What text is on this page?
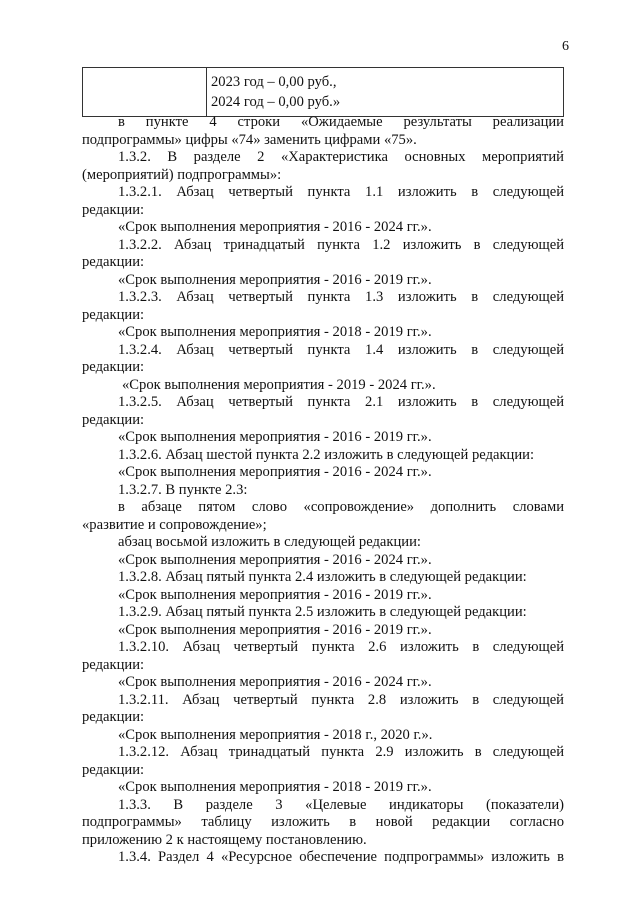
6
2023 год – 0,00 руб.,
2024 год – 0,00 руб.»
в пункте 4 строки «Ожидаемые результаты реализации
подпрограммы» цифры «74» заменить цифрами «75».
1.3.2. В разделе 2 «Характеристика основных мероприятий
(мероприятий) подпрограммы»:
1.3.2.1. Абзац четвертый пункта 1.1 изложить в следующей
редакции:
«Срок выполнения мероприятия - 2016 - 2024 гг.».
1.3.2.2. Абзац тринадцатый пункта 1.2 изложить в следующей
редакции:
«Срок выполнения мероприятия - 2016 - 2019 гг.».
1.3.2.3. Абзац четвертый пункта 1.3 изложить в следующей
редакции:
«Срок выполнения мероприятия - 2018 - 2019 гг.».
1.3.2.4. Абзац четвертый пункта 1.4 изложить в следующей
редакции:
«Срок выполнения мероприятия - 2019 - 2024 гг.».
1.3.2.5. Абзац четвертый пункта 2.1 изложить в следующей
редакции:
«Срок выполнения мероприятия - 2016 - 2019 гг.».
1.3.2.6. Абзац шестой пункта 2.2 изложить в следующей редакции:
«Срок выполнения мероприятия - 2016 - 2024 гг.».
1.3.2.7. В пункте 2.3:
в абзаце пятом слово «сопровождение» дополнить словами
«развитие и сопровождение»;
абзац восьмой изложить в следующей редакции:
«Срок выполнения мероприятия - 2016 - 2024 гг.».
1.3.2.8. Абзац пятый пункта 2.4 изложить в следующей редакции:
«Срок выполнения мероприятия - 2016 - 2019 гг.».
1.3.2.9. Абзац пятый пункта 2.5 изложить в следующей редакции:
«Срок выполнения мероприятия - 2016 - 2019 гг.».
1.3.2.10. Абзац четвертый пункта 2.6 изложить в следующей
редакции:
«Срок выполнения мероприятия - 2016 - 2024 гг.».
1.3.2.11. Абзац четвертый пункта 2.8 изложить в следующей
редакции:
«Срок выполнения мероприятия - 2018 г., 2020 г.».
1.3.2.12. Абзац тринадцатый пункта 2.9 изложить в следующей
редакции:
«Срок выполнения мероприятия - 2018 - 2019 гг.».
1.3.3. В разделе 3 «Целевые индикаторы (показатели)
подпрограммы» таблицу изложить в новой редакции согласно
приложению 2 к настоящему постановлению.
1.3.4. Раздел 4 «Ресурсное обеспечение подпрограммы» изложить в
